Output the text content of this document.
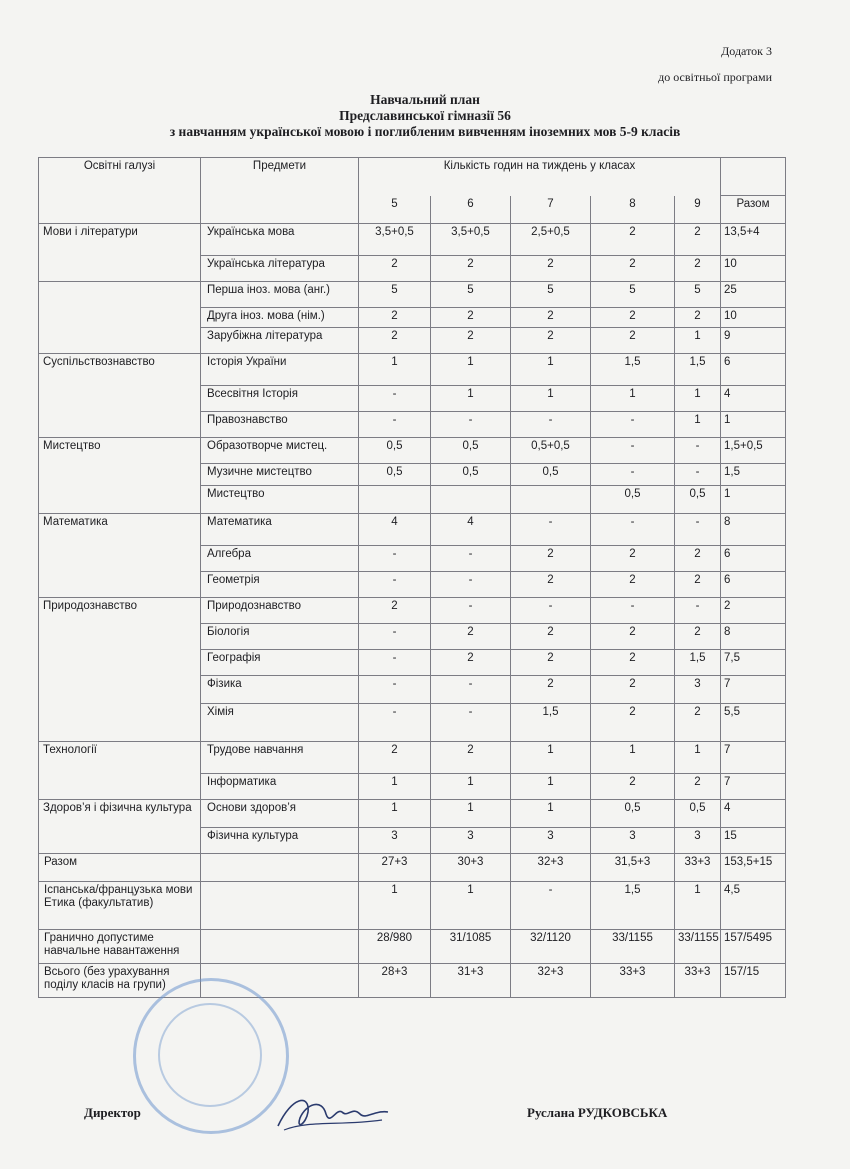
Додаток 3
до освітньої програми
Навчальний план
Предславинської гімназії 56
з навчанням української мовою і поглибленим вивченням іноземних мов 5-9 класів
Освітні галузі	Предмети	Кількість годин на тиждень у класах					
		5	6	7	8	9	Разом
Мови і літератури	Українська мова	3,5+0,5	3,5+0,5	2,5+0,5	2	2	13,5+4
	Українська література	2	2	2	2	2	10
	Перша іноз. мова (анг.)	5	5	5	5	5	25
	Друга іноз. мова (нім.)	2	2	2	2	2	10
	Зарубіжна література	2	2	2	2	1	9
Суспільствознавство	Історія України	1	1	1	1,5	1,5	6
	Всесвітня Історія	-	1	1	1	1	4
	Правознавство	-	-	-	-	1	1
Мистецтво	Образотворче мистец.	0,5	0,5	0,5+0,5	-	-	1,5+0,5
	Музичне мистецтво	0,5	0,5	0,5	-	-	1,5
	Мистецтво				0,5	0,5	1
Математика	Математика	4	4	-	-	-	8
	Алгебра	-	-	2	2	2	6
	Геометрія	-	-	2	2	2	6
Природознавство	Природознавство	2	-	-	-	-	2
	Біологія	-	2	2	2	2	8
	Географія	-	2	2	2	1,5	7,5
	Фізика	-	-	2	2	3	7
	Хімія	-	-	1,5	2	2	5,5
Технології	Трудове навчання	2	2	1	1	1	7
	Інформатика	1	1	1	2	2	7
Здоров’я і фізична культура	Основи здоров’я	1	1	1	0,5	0,5	4
	Фізична культура	3	3	3	3	3	15
Разом		27+3	30+3	32+3	31,5+3	33+3	153,5+15
Іспанська/французька мови
Етика (факультатив)		1	1	-	1,5	1	4,5
Гранично допустиме навчальне навантаження		28/980	31/1085	32/1120	33/1155	33/1155	157/5495
Всього (без урахування поділу класів на групи)		28+3	31+3	32+3	33+3	33+3	157/15
Директор	Руслана РУДКОВСЬКА
